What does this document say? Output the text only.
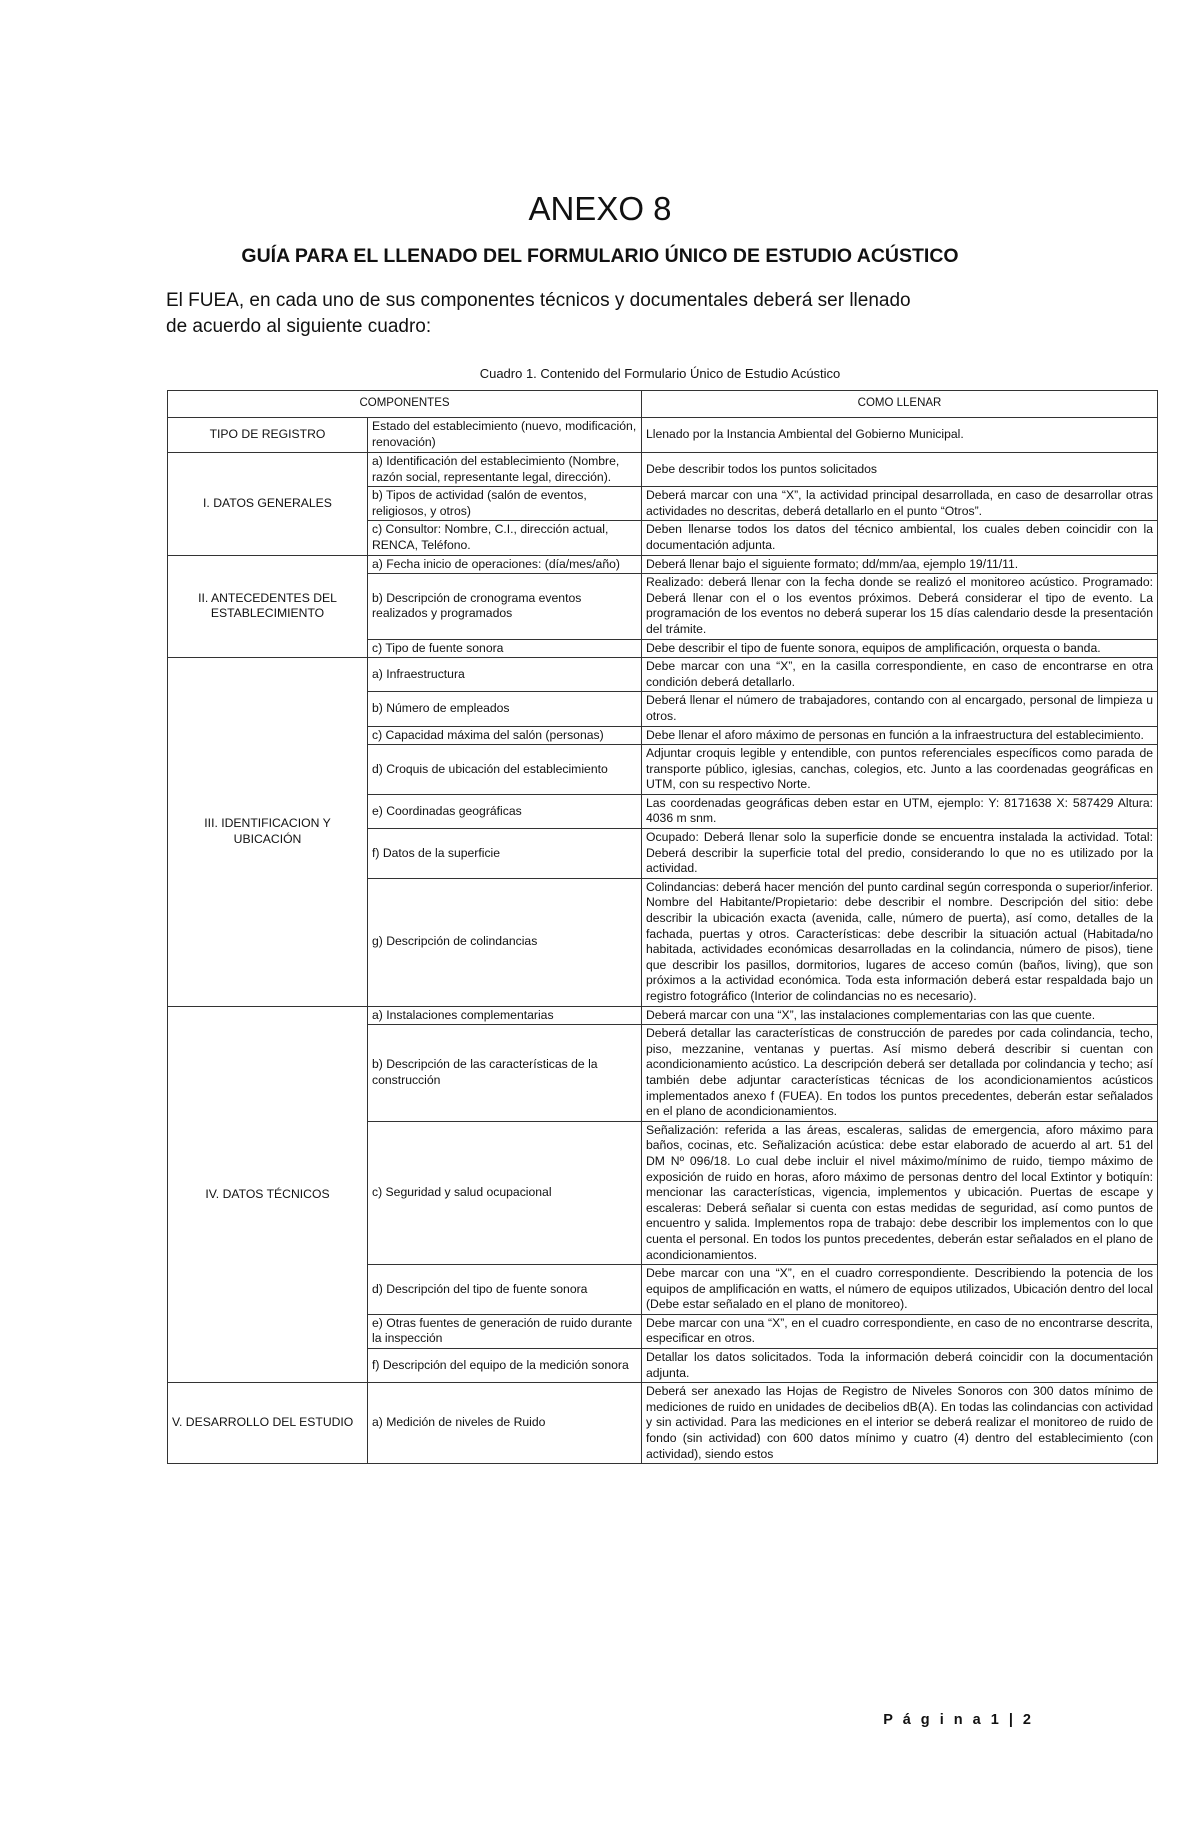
ANEXO 8
GUÍA PARA EL LLENADO DEL FORMULARIO ÚNICO DE ESTUDIO ACÚSTICO

El FUEA, en cada uno de sus componentes técnicos y documentales deberá ser llenado
de acuerdo al siguiente cuadro:

Cuadro 1. Contenido del Formulario Único de Estudio Acústico

COMPONENTES		COMO LLENAR
TIPO DE REGISTRO	Estado del establecimiento (nuevo, modificación, renovación)	Llenado por la Instancia Ambiental del Gobierno Municipal.
I. DATOS GENERALES	a) Identificación del establecimiento (Nombre, razón social, representante legal, dirección).	Debe describir todos los puntos solicitados
	b) Tipos de actividad (salón de eventos, religiosos, y otros)	Deberá marcar con una “X”, la actividad principal desarrollada, en caso de desarrollar otras actividades no descritas, deberá detallarlo en el punto “Otros”.
	c) Consultor: Nombre, C.I., dirección actual, RENCA, Teléfono.	Deben llenarse todos los datos del técnico ambiental, los cuales deben coincidir con la documentación adjunta.
II. ANTECEDENTES DEL ESTABLECIMIENTO	a) Fecha inicio de operaciones: (día/mes/año)	Deberá llenar bajo el siguiente formato; dd/mm/aa, ejemplo 19/11/11.
	b) Descripción de cronograma eventos realizados y programados	Realizado: deberá llenar con la fecha donde se realizó el monitoreo acústico. Programado: Deberá llenar con el o los eventos próximos. Deberá considerar el tipo de evento. La programación de los eventos no deberá superar los 15 días calendario desde la presentación del trámite.
	c) Tipo de fuente sonora	Debe describir el tipo de fuente sonora, equipos de amplificación, orquesta o banda.
III. IDENTIFICACION Y UBICACIÓN	a) Infraestructura	Debe marcar con una “X”, en la casilla correspondiente, en caso de encontrarse en otra condición deberá detallarlo.
	b) Número de empleados	Deberá llenar el número de trabajadores, contando con al encargado, personal de limpieza u otros.
	c) Capacidad máxima del salón (personas)	Debe llenar el aforo máximo de personas en función a la infraestructura del establecimiento.
	d) Croquis de ubicación del establecimiento	Adjuntar croquis legible y entendible, con puntos referenciales específicos como parada de transporte público, iglesias, canchas, colegios, etc. Junto a las coordenadas geográficas en UTM, con su respectivo Norte.
	e) Coordinadas geográficas	Las coordenadas geográficas deben estar en UTM, ejemplo: Y: 8171638 X: 587429 Altura: 4036 m snm.
	f) Datos de la superficie	Ocupado: Deberá llenar solo la superficie donde se encuentra instalada la actividad. Total: Deberá describir la superficie total del predio, considerando lo que no es utilizado por la actividad.
	g) Descripción de colindancias	Colindancias: deberá hacer mención del punto cardinal según corresponda o superior/inferior. Nombre del Habitante/Propietario: debe describir el nombre. Descripción del sitio: debe describir la ubicación exacta (avenida, calle, número de puerta), así como, detalles de la fachada, puertas y otros. Características: debe describir la situación actual (Habitada/no habitada, actividades económicas desarrolladas en la colindancia, número de pisos), tiene que describir los pasillos, dormitorios, lugares de acceso común (baños, living), que son próximos a la actividad económica. Toda esta información deberá estar respaldada bajo un registro fotográfico (Interior de colindancias no es necesario).
IV. DATOS TÉCNICOS	a) Instalaciones complementarias	Deberá marcar con una “X”, las instalaciones complementarias con las que cuente.
	b) Descripción de las características de la construcción	Deberá detallar las características de construcción de paredes por cada colindancia, techo, piso, mezzanine, ventanas y puertas. Así mismo deberá describir si cuentan con acondicionamiento acústico. La descripción deberá ser detallada por colindancia y techo; así también debe adjuntar características técnicas de los acondicionamientos acústicos implementados anexo f (FUEA). En todos los puntos precedentes, deberán estar señalados en el plano de acondicionamientos.
	c) Seguridad y salud ocupacional	Señalización: referida a las áreas, escaleras, salidas de emergencia, aforo máximo para baños, cocinas, etc. Señalización acústica: debe estar elaborado de acuerdo al art. 51 del DM Nº 096/18. Lo cual debe incluir el nivel máximo/mínimo de ruido, tiempo máximo de exposición de ruido en horas, aforo máximo de personas dentro del local Extintor y botiquín: mencionar las características, vigencia, implementos y ubicación. Puertas de escape y escaleras: Deberá señalar si cuenta con estas medidas de seguridad, así como puntos de encuentro y salida. Implementos ropa de trabajo: debe describir los implementos con lo que cuenta el personal. En todos los puntos precedentes, deberán estar señalados en el plano de acondicionamientos.
	d) Descripción del tipo de fuente sonora	Debe marcar con una “X”, en el cuadro correspondiente. Describiendo la potencia de los equipos de amplificación en watts, el número de equipos utilizados, Ubicación dentro del local (Debe estar señalado en el plano de monitoreo).
	e) Otras fuentes de generación de ruido durante la inspección	Debe marcar con una “X”, en el cuadro correspondiente, en caso de no encontrarse descrita, especificar en otros.
	f) Descripción del equipo de la medición sonora	Detallar los datos solicitados. Toda la información deberá coincidir con la documentación adjunta.
V. DESARROLLO DEL ESTUDIO	a) Medición de niveles de Ruido	Deberá ser anexado las Hojas de Registro de Niveles Sonoros con 300 datos mínimo de mediciones de ruido en unidades de decibelios dB(A). En todas las colindancias con actividad y sin actividad. Para las mediciones en el interior se deberá realizar el monitoreo de ruido de fondo (sin actividad) con 600 datos mínimo y cuatro (4) dentro del establecimiento (con actividad), siendo estos
P á g i n a 1 | 2
